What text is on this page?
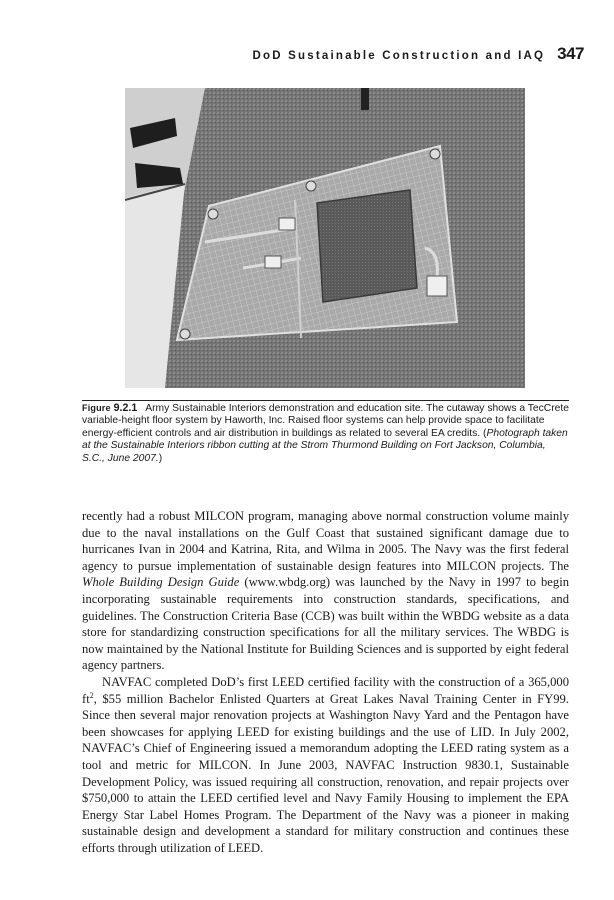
DoD Sustainable Construction and IAQ 347
Figure 9.2.1 Army Sustainable Interiors demonstration and education site. The cutaway shows a TecCrete variable-height floor system by Haworth, Inc. Raised floor systems can help provide space to facilitate energy-efficient controls and air distribution in buildings as related to several EA credits. (Photograph taken at the Sustainable Interiors ribbon cutting at the Strom Thurmond Building on Fort Jackson, Columbia, S.C., June 2007.)

recently had a robust MILCON program, managing above normal construction volume mainly due to the naval installations on the Gulf Coast that sustained significant damage due to hurricanes Ivan in 2004 and Katrina, Rita, and Wilma in 2005. The Navy was the first federal agency to pursue implementation of sustainable design features into MILCON projects. The Whole Building Design Guide (www.wbdg.org) was launched by the Navy in 1997 to begin incorporating sustainable requirements into construction standards, specifications, and guidelines. The Construction Criteria Base (CCB) was built within the WBDG website as a data store for standardizing construction specifications for all the military services. The WBDG is now maintained by the National Institute for Building Sciences and is supported by eight federal agency partners.

NAVFAC completed DoD’s first LEED certified facility with the construction of a 365,000 $ft^2$, $55 million Bachelor Enlisted Quarters at Great Lakes Naval Training Center in FY99. Since then several major renovation projects at Washington Navy Yard and the Pentagon have been showcases for applying LEED for existing buildings and the use of LID. In July 2002, NAVFAC’s Chief of Engineering issued a memorandum adopting the LEED rating system as a tool and metric for MILCON. In June 2003, NAVFAC Instruction 9830.1, Sustainable Development Policy, was issued requiring all construction, renovation, and repair projects over $750,000 to attain the LEED certified level and Navy Family Housing to implement the EPA Energy Star Label Homes Program. The Department of the Navy was a pioneer in making sustainable design and development a standard for military construction and continues these efforts through utilization of LEED.
